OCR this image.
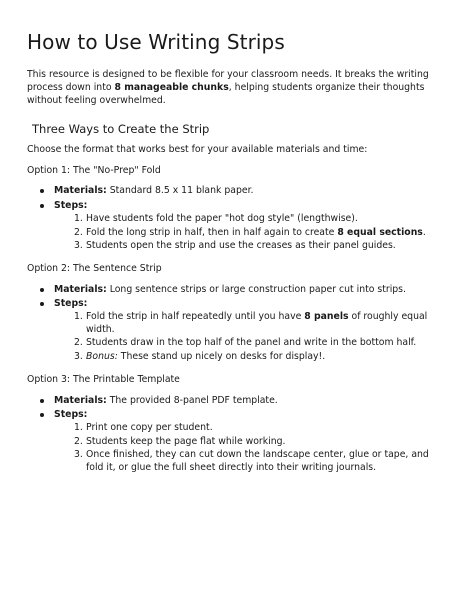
How to Use Writing Strips

This resource is designed to be flexible for your classroom needs. It breaks the writing process down into 8 manageable chunks, helping students organize their thoughts without feeling overwhelmed.

Three Ways to Create the Strip

Choose the format that works best for your available materials and time:

Option 1: The "No-Prep" Fold
Materials: Standard 8.5 x 11 blank paper.
Steps:
1. Have students fold the paper "hot dog style" (lengthwise).
2. Fold the long strip in half, then in half again to create 8 equal sections.
3. Students open the strip and use the creases as their panel guides.
Option 2: The Sentence Strip
Materials: Long sentence strips or large construction paper cut into strips.
Steps:
1. Fold the strip in half repeatedly until you have 8 panels of roughly equal width.
2. Students draw in the top half of the panel and write in the bottom half.
3. Bonus: These stand up nicely on desks for display!.
Option 3: The Printable Template
Materials: The provided 8-panel PDF template.
Steps:
1. Print one copy per student.
2. Students keep the page flat while working.
3. Once finished, they can cut down the landscape center, glue or tape, and fold it, or glue the full sheet directly into their writing journals.
